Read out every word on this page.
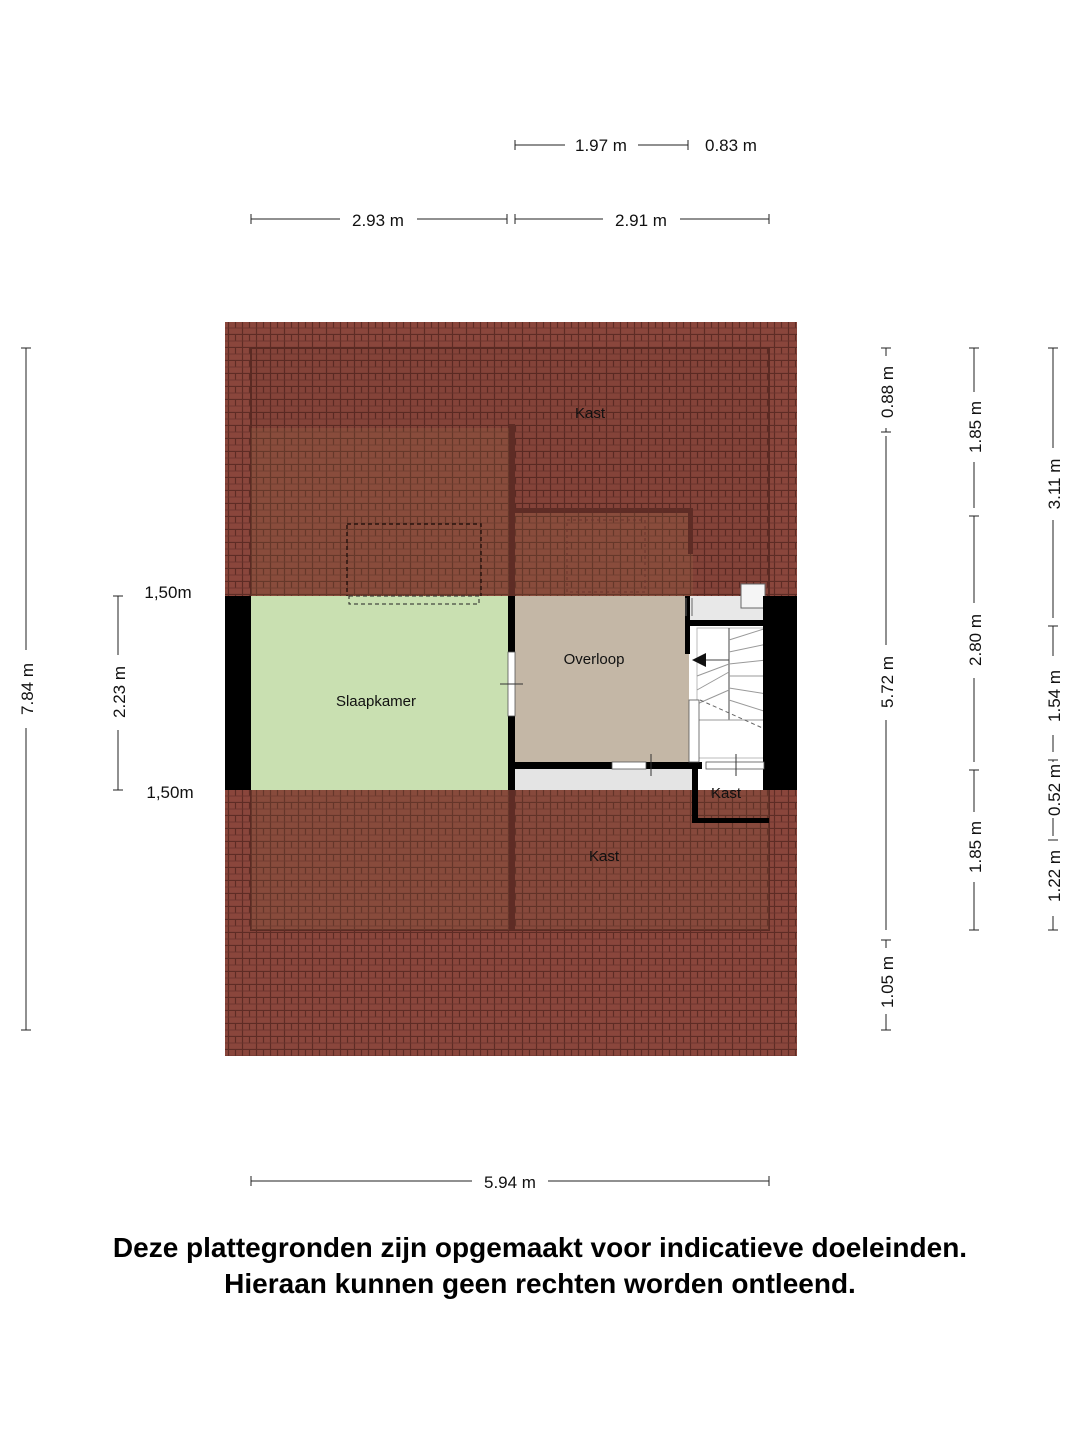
Kast
Slaapkamer
Overloop
Kast
Kast
1.97 m	0.83 m
2.93 m	2.91 m
5.94 m
7.84 m	2.23 m
1,50m
1,50m
0.88 m
5.72 m
1.05 m
1.85 m
2.80 m
1.85 m
3.11 m
1.54 m
0.52 m
1.22 m

Deze plattegronden zijn opgemaakt voor indicatieve doeleinden.

Hieraan kunnen geen rechten worden ontleend.
